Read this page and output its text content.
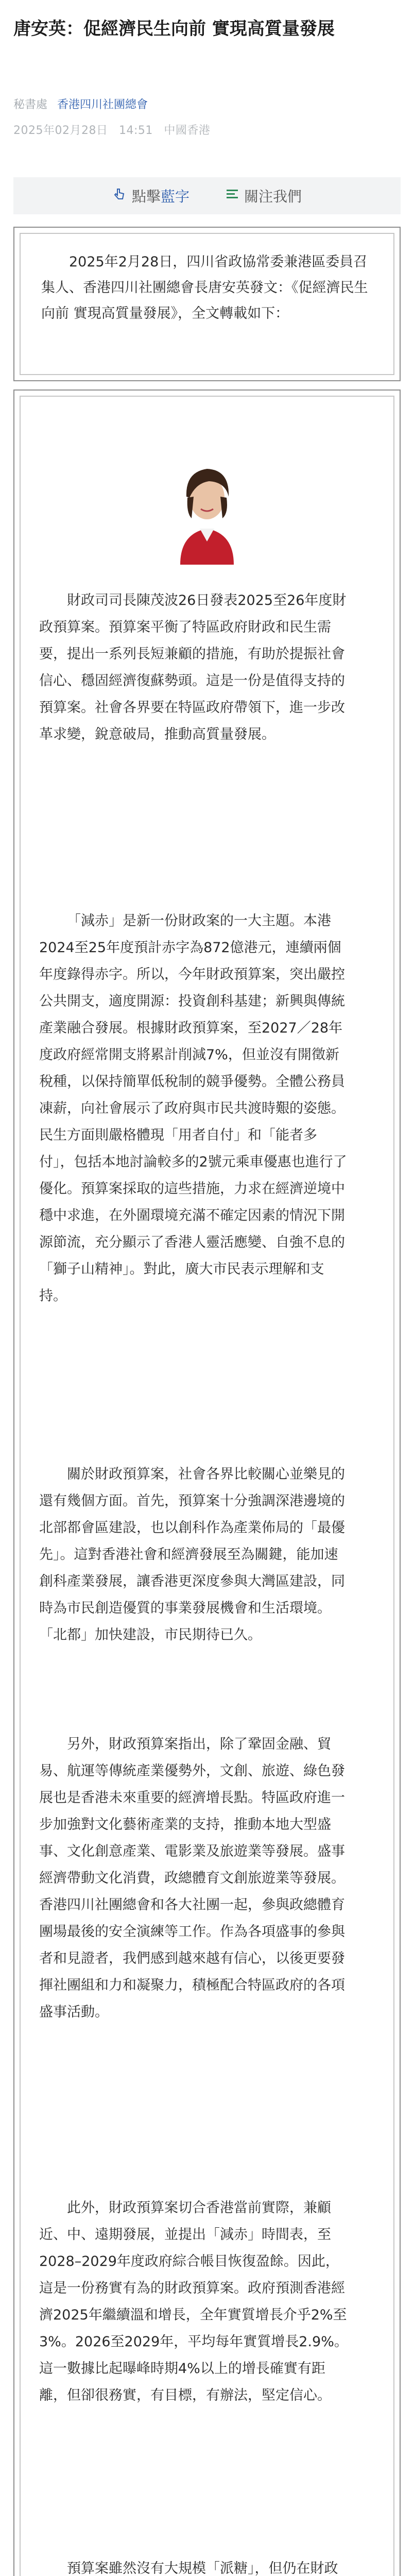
唐安英：促經濟民生向前 實現高質量發展
秘書處 香港四川社團總會
2025年02月28日 14:51 中國香港
點擊 藍字	關注我們
2025年2月28日，四川省政協常委兼港區委員召集人、香港四川社團總會長唐安英發文：《促經濟民生向前 實現高質量發展》，全文轉載如下：

財政司司長陳茂波26日發表2025至26年度財政預算案。預算案平衡了特區政府財政和民生需要，提出一系列長短兼顧的措施，有助於提振社會信心、穩固經濟復蘇勢頭。這是一份是值得支持的預算案。社會各界要在特區政府帶領下，進一步改革求變，銳意破局，推動高質量發展。

「減赤」是新一份財政案的一大主題。本港2024至25年度預計赤字為872億港元，連續兩個年度錄得赤字。所以，今年財政預算案，突出嚴控公共開支，適度開源：投資創科基建；新興與傳統產業融合發展。根據財政預算案，至2027／28年度政府經常開支將累計削減7%，但並沒有開徵新稅種，以保持簡單低稅制的競爭優勢。全體公務員凍薪，向社會展示了政府與市民共渡時艱的姿態。民生方面則嚴格體現「用者自付」和「能者多付」，包括本地討論較多的2號元乘車優惠也進行了優化。預算案採取的這些措施，力求在經濟逆境中穩中求進，在外圍環境充滿不確定因素的情況下開源節流，充分顯示了香港人靈活應變、自強不息的「獅子山精神」。對此，廣大市民表示理解和支持。

關於財政預算案，社會各界比較關心並樂見的還有幾個方面。首先，預算案十分強調深港邊境的北部都會區建設，也以創科作為產業佈局的「最優先」。這對香港社會和經濟發展至為關鍵，能加速創科產業發展，讓香港更深度參與大灣區建設，同時為市民創造優質的事業發展機會和生活環境。「北都」加快建設，市民期待已久。

另外，財政預算案指出，除了鞏固金融、貿易、航運等傳統產業優勢外，文創、旅遊、綠色發展也是香港未來重要的經濟增長點。特區政府進一步加強對文化藝術產業的支持，推動本地大型盛事、文化創意產業、電影業及旅遊業等發展。盛事經濟帶動文化消費，政總體育文創旅遊業等發展。香港四川社團總會和各大社團一起，參與政總體育團場最後的安全演練等工作。作為各項盛事的參與者和見證者，我們感到越來越有信心，以後更要發揮社團組和力和凝聚力，積極配合特區政府的各項盛事活動。

此外，財政預算案切合香港當前實際，兼顧近、中、遠期發展，並提出「減赤」時間表，至2028–2029年度政府綜合帳目恢復盈餘。因此，這是一份務實有為的財政預算案。政府預測香港經濟2025年繼續溫和增長，全年實質增長介乎2%至3%。2026至2029年，平均每年實質增長2.9%。這一數據比起曝峰時期4%以上的增長確實有距離，但卻很務實，有目標，有辦法，堅定信心。

預算案雖然沒有大規模「派糖」，但仍在財政
